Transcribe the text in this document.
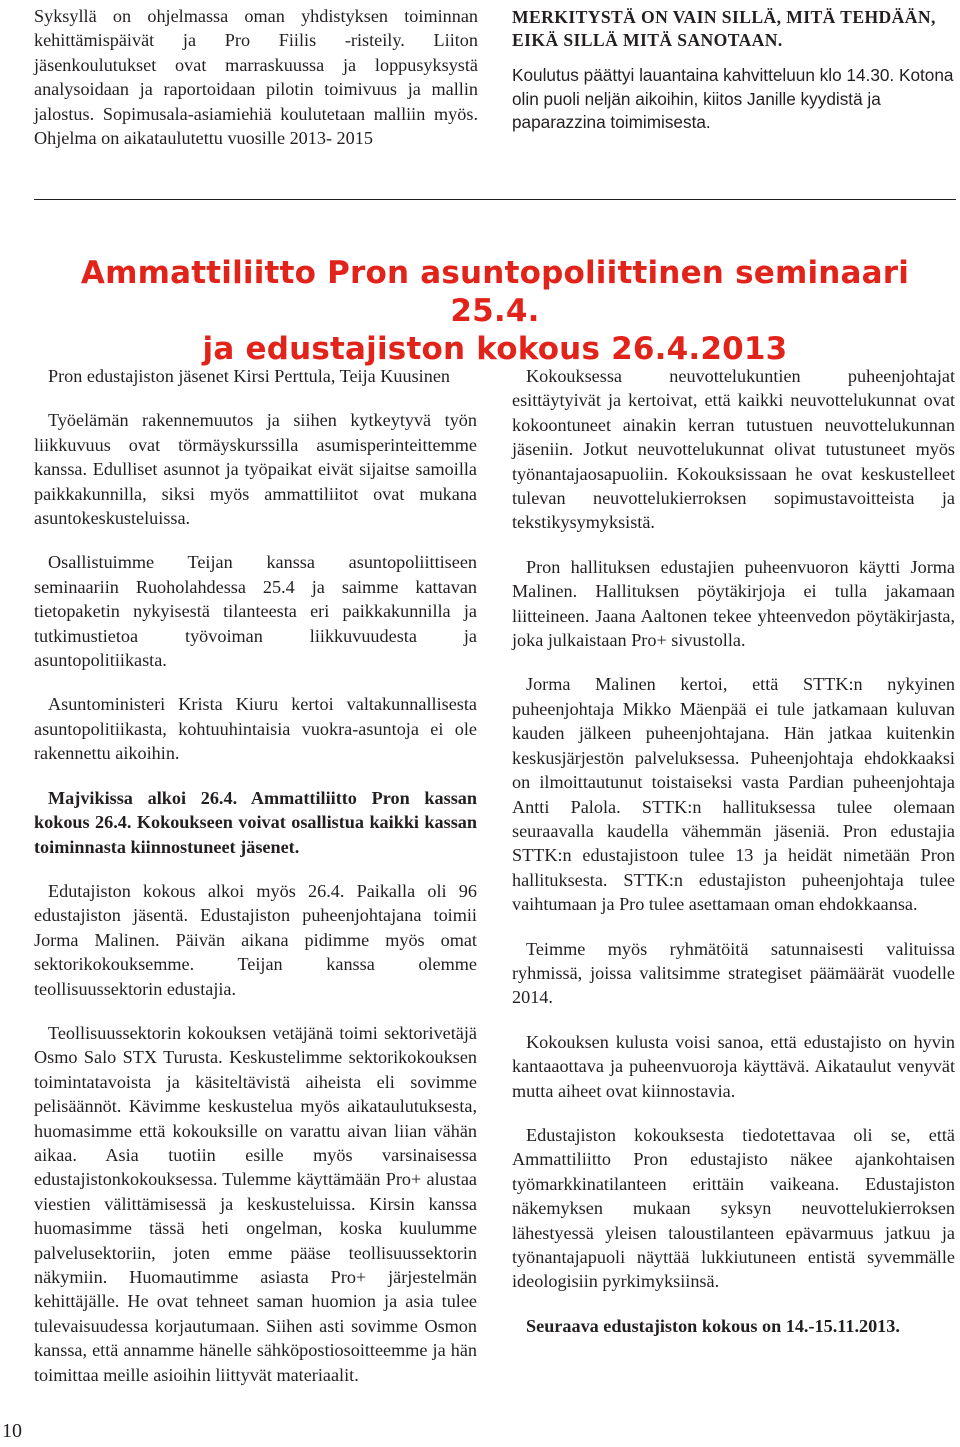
Syksyllä on ohjelmassa oman yhdistyksen toiminnan kehittämispäivät ja Pro Fiilis -risteily. Liiton jäsenkoulutukset ovat marraskuussa ja loppusyksystä analysoidaan ja raportoidaan pilotin toimivuus ja mallin jalostus. Sopimusala-asiamiehiä koulutetaan malliin myös. Ohjelma on aikataulutettu vuosille 2013- 2015

MERKITYSTÄ ON VAIN SILLÄ, MITÄ TEHDÄÄN, EIKÄ SILLÄ MITÄ SANOTAAN.

Koulutus päättyi lauantaina kahvitteluun klo 14.30. Kotona olin puoli neljän aikoihin, kiitos Janille kyydistä ja paparazzina toimimisesta.

Ammattiliitto Pron asuntopoliittinen seminaari 25.4.
ja edustajiston kokous 26.4.2013

Pron edustajiston jäsenet Kirsi Perttula, Teija Kuusinen

Työelämän rakennemuutos ja siihen kytkeytyvä työn liikkuvuus ovat törmäyskurssilla asumisperinteittemme kanssa. Edulliset asunnot ja työpaikat eivät sijaitse samoilla paikkakunnilla, siksi myös ammattiliitot ovat mukana asuntokeskusteluissa.

Osallistuimme Teijan kanssa asuntopoliittiseen seminaariin Ruoholahdessa 25.4 ja saimme kattavan tietopaketin nykyisestä tilanteesta eri paikkakunnilla ja tutkimustietoa työvoiman liikkuvuudesta ja asuntopolitiikasta.

Asuntoministeri Krista Kiuru kertoi valtakunnallisesta asuntopolitiikasta, kohtuuhintaisia vuokra-asuntoja ei ole rakennettu aikoihin.

Majvikissa alkoi 26.4. Ammattiliitto Pron kassan kokous 26.4. Kokoukseen voivat osallistua kaikki kassan toiminnasta kiinnostuneet jäsenet.

Edutajiston kokous alkoi myös 26.4. Paikalla oli 96 edustajiston jäsentä. Edustajiston puheenjohtajana toimii Jorma Malinen. Päivän aikana pidimme myös omat sektorikokouksemme. Teijan kanssa olemme teollisuussektorin edustajia.

Teollisuussektorin kokouksen vetäjänä toimi sektorivetäjä Osmo Salo STX Turusta. Keskustelimme sektorikokouksen toimintatavoista ja käsiteltävistä aiheista eli sovimme pelisäännöt. Kävimme keskustelua myös aikataulutuksesta, huomasimme että kokouksille on varattu aivan liian vähän aikaa. Asia tuotiin esille myös varsinaisessa edustajistonkokouksessa. Tulemme käyttämään Pro+ alustaa viestien välittämisessä ja keskusteluissa. Kirsin kanssa huomasimme tässä heti ongelman, koska kuulumme palvelusektoriin, joten emme pääse teollisuussektorin näkymiin. Huomautimme asiasta Pro+ järjestelmän kehittäjälle. He ovat tehneet saman huomion ja asia tulee tulevaisuudessa korjautumaan. Siihen asti sovimme Osmon kanssa, että annamme hänelle sähköpostiosoitteemme ja hän toimittaa meille asioihin liittyvät materiaalit.

Kokouksessa neuvottelukuntien puheenjohtajat esittäytyivät ja kertoivat, että kaikki neuvottelukunnat ovat kokoontuneet ainakin kerran tutustuen neuvottelukunnan jäseniin. Jotkut neuvottelukunnat olivat tutustuneet myös työnantajaosapuoliin. Kokouksissaan he ovat keskustelleet tulevan neuvottelukierroksen sopimustavoitteista ja tekstikysymyksistä.

Pron hallituksen edustajien puheenvuoron käytti Jorma Malinen. Hallituksen pöytäkirjoja ei tulla jakamaan liitteineen. Jaana Aaltonen tekee yhteenvedon pöytäkirjasta, joka julkaistaan Pro+ sivustolla.

Jorma Malinen kertoi, että STTK:n nykyinen puheenjohtaja Mikko Mäenpää ei tule jatkamaan kuluvan kauden jälkeen puheenjohtajana. Hän jatkaa kuitenkin keskusjärjestön palveluksessa. Puheenjohtaja ehdokkaaksi on ilmoittautunut toistaiseksi vasta Pardian puheenjohtaja Antti Palola. STTK:n hallituksessa tulee olemaan seuraavalla kaudella vähemmän jäseniä. Pron edustajia STTK:n edustajistoon tulee 13 ja heidät nimetään Pron hallituksesta. STTK:n edustajiston puheenjohtaja tulee vaihtumaan ja Pro tulee asettamaan oman ehdokkaansa.

Teimme myös ryhmätöitä satunnaisesti valituissa ryhmissä, joissa valitsimme strategiset päämäärät vuodelle 2014.

Kokouksen kulusta voisi sanoa, että edustajisto on hyvin kantaaottava ja puheenvuoroja käyttävä. Aikataulut venyvät mutta aiheet ovat kiinnostavia.

Edustajiston kokouksesta tiedotettavaa oli se, että Ammattiliitto Pron edustajisto näkee ajankohtaisen työmarkkinatilanteen erittäin vaikeana. Edustajiston näkemyksen mukaan syksyn neuvottelukierroksen lähestyessä yleisen taloustilanteen epävarmuus jatkuu ja työnantajapuoli näyttää lukkiutuneen entistä syvemmälle ideologisiin pyrkimyksiinsä.

Seuraava edustajiston kokous on 14.-15.11.2013.

10
